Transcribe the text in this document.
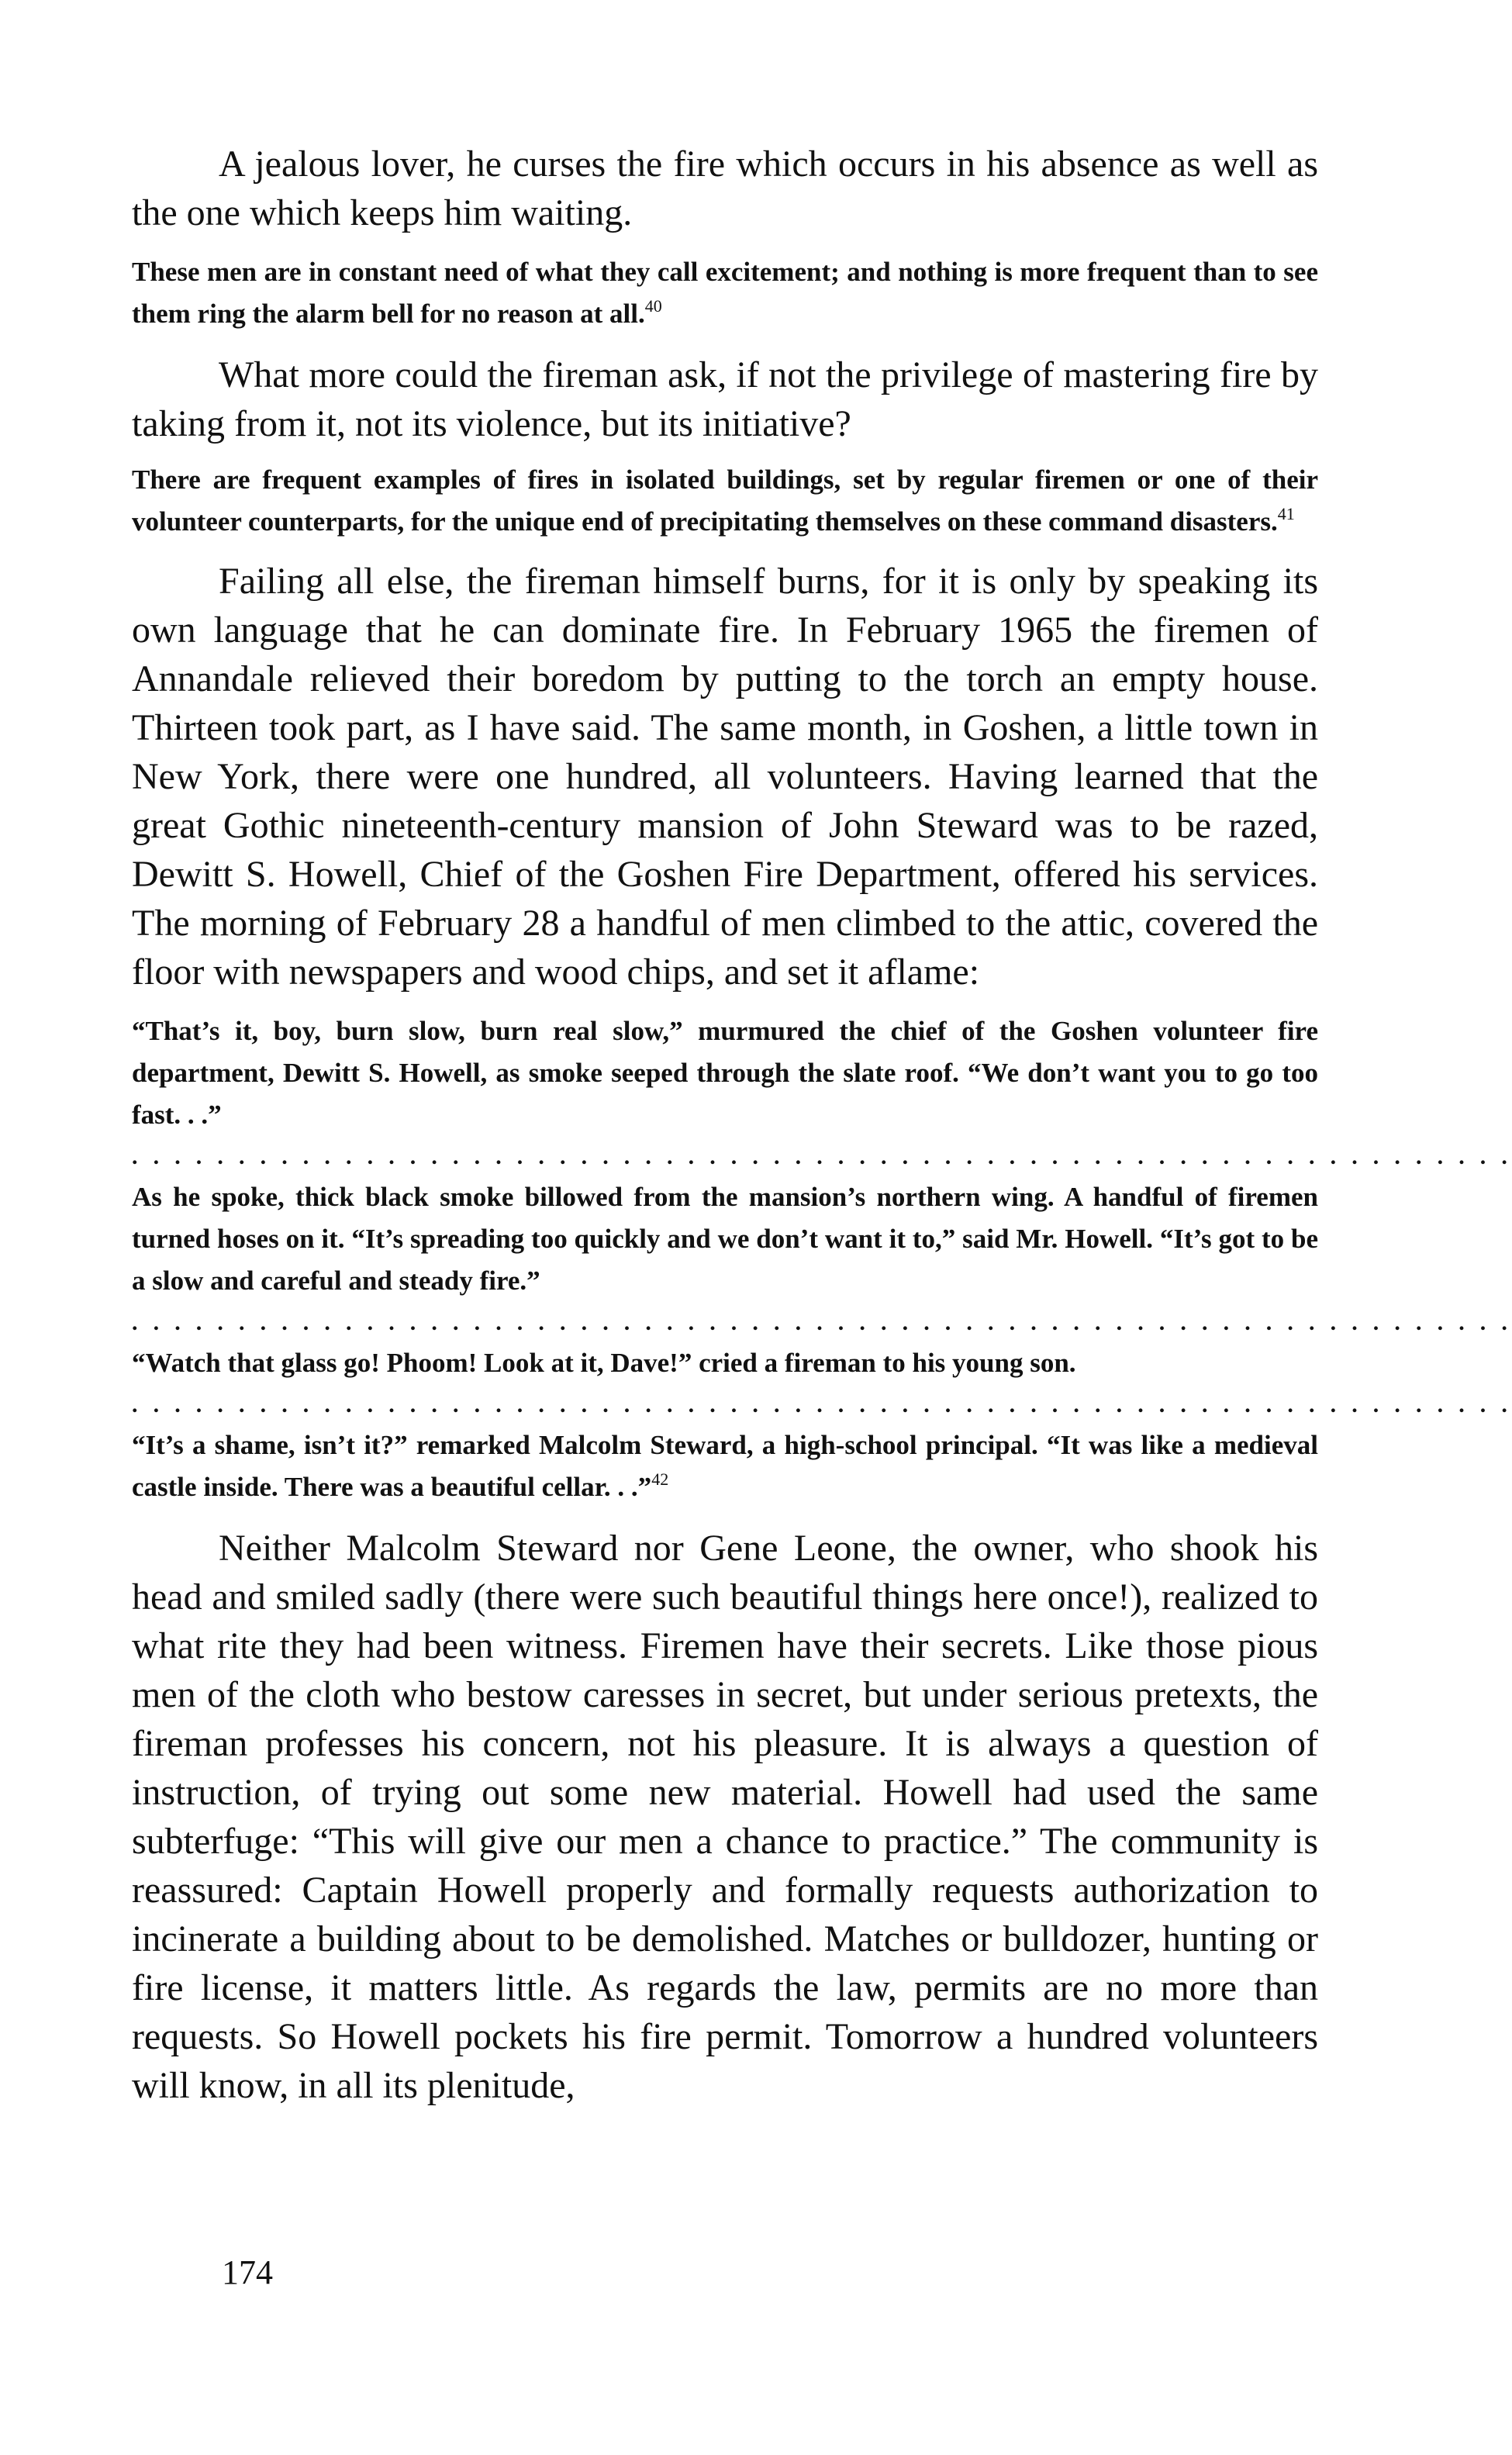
A jealous lover, he curses the fire which occurs in his absence as well as the one which keeps him waiting.

These men are in constant need of what they call excitement; and nothing is more frequent than to see them ring the alarm bell for no reason at all.$^{40}$

What more could the fireman ask, if not the privilege of mastering fire by taking from it, not its violence, but its initiative?

There are frequent examples of fires in isolated buildings, set by regular firemen or one of their volunteer counterparts, for the unique end of precipitating themselves on these command disasters.$^{41}$

Failing all else, the fireman himself burns, for it is only by speaking its own language that he can dominate fire. In February 1965 the firemen of Annandale relieved their boredom by putting to the torch an empty house. Thirteen took part, as I have said. The same month, in Goshen, a little town in New York, there were one hundred, all volunteers. Having learned that the great Gothic nineteenth-century mansion of John Steward was to be razed, Dewitt S. Howell, Chief of the Goshen Fire Department, offered his services. The morning of February 28 a handful of men climbed to the attic, covered the floor with newspapers and wood chips, and set it aflame:

“That’s it, boy, burn slow, burn real slow,” murmured the chief of the Goshen volunteer fire department, Dewitt S. Howell, as smoke seeped through the slate roof. “We don’t want you to go too fast. . .”

. . . . . . . . . . . . . . . . . . . . . . . . . . . . . . . . . . . . . . . . . . . . . . . . . . . . . . . . . . . . . . . . .

As he spoke, thick black smoke billowed from the mansion’s northern wing. A handful of firemen turned hoses on it. “It’s spreading too quickly and we don’t want it to,” said Mr. Howell. “It’s got to be a slow and careful and steady fire.”

. . . . . . . . . . . . . . . . . . . . . . . . . . . . . . . . . . . . . . . . . . . . . . . . . . . . . . . . . . . . . . . . .

“Watch that glass go! Phoom! Look at it, Dave!” cried a fireman to his young son.

. . . . . . . . . . . . . . . . . . . . . . . . . . . . . . . . . . . . . . . . . . . . . . . . . . . . . . . . . . . . . . . . .

“It’s a shame, isn’t it?” remarked Malcolm Steward, a high-school principal. “It was like a medieval castle inside. There was a beautiful cellar. . .”$^{42}$

Neither Malcolm Steward nor Gene Leone, the owner, who shook his head and smiled sadly (there were such beautiful things here once!), realized to what rite they had been witness. Firemen have their secrets. Like those pious men of the cloth who bestow caresses in secret, but under serious pretexts, the fireman professes his concern, not his pleasure. It is always a question of instruction, of trying out some new material. Howell had used the same subterfuge: “This will give our men a chance to practice.” The community is reassured: Captain Howell properly and formally requests authorization to incinerate a building about to be demolished. Matches or bulldozer, hunting or fire license, it matters little. As regards the law, permits are no more than requests. So Howell pockets his fire permit. Tomorrow a hundred volunteers will know, in all its plenitude,

174
